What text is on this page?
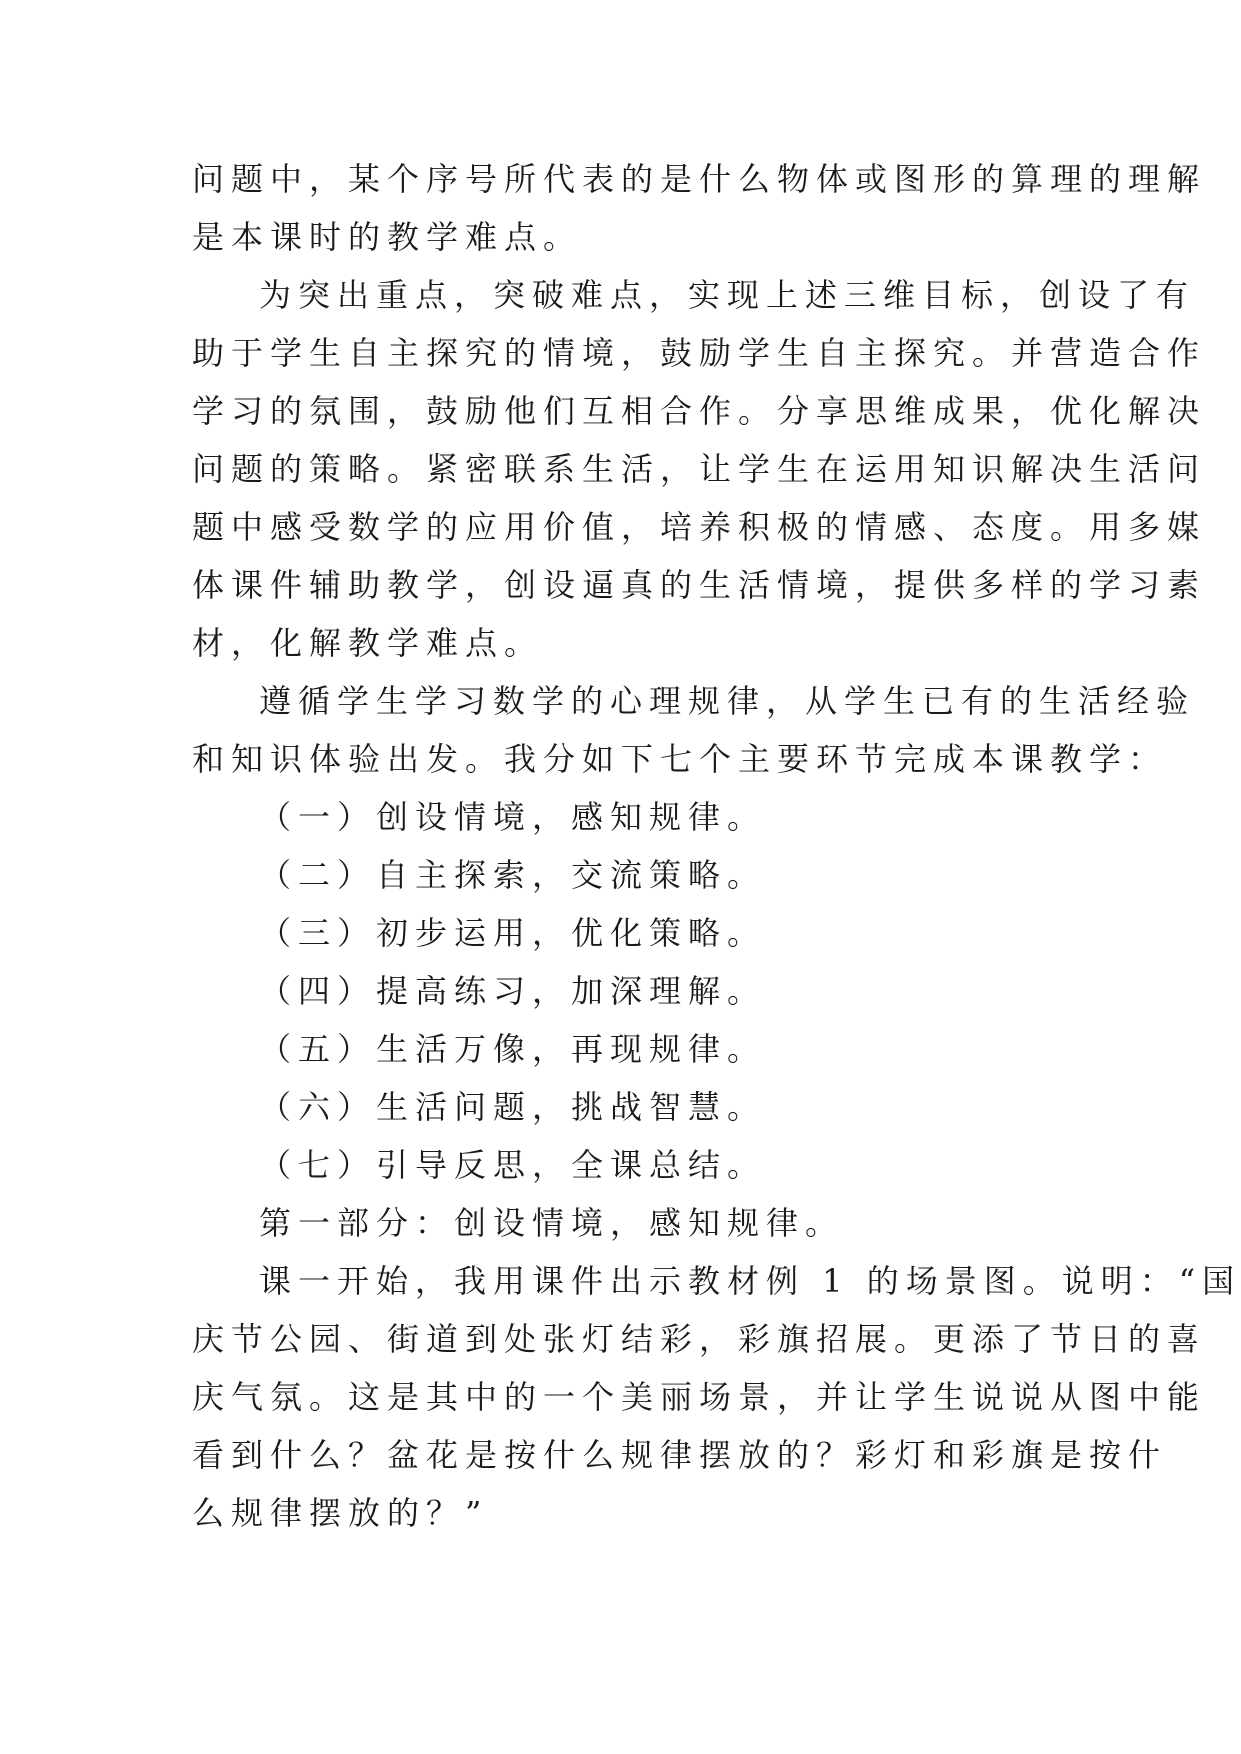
问题中，某个序号所代表的是什么物体或图形的算理的理解
是本课时的教学难点。
为突出重点，突破难点，实现上述三维目标，创设了有
助于学生自主探究的情境，鼓励学生自主探究。并营造合作
学习的氛围，鼓励他们互相合作。分享思维成果，优化解决
问题的策略。紧密联系生活，让学生在运用知识解决生活问
题中感受数学的应用价值，培养积极的情感、态度。用多媒
体课件辅助教学，创设逼真的生活情境，提供多样的学习素
材，化解教学难点。
遵循学生学习数学的心理规律，从学生已有的生活经验
和知识体验出发。我分如下七个主要环节完成本课教学：
（一）创设情境，感知规律。
（二）自主探索，交流策略。
（三）初步运用，优化策略。
（四）提高练习，加深理解。
（五）生活万像，再现规律。
（六）生活问题，挑战智慧。
（七）引导反思，全课总结。
第一部分：创设情境，感知规律。
课一开始，我用课件出示教材例 1 的场景图。说明：“国
庆节公园、街道到处张灯结彩，彩旗招展。更添了节日的喜
庆气氛。这是其中的一个美丽场景，并让学生说说从图中能
看到什么？盆花是按什么规律摆放的？彩灯和彩旗是按什
么规律摆放的？”
